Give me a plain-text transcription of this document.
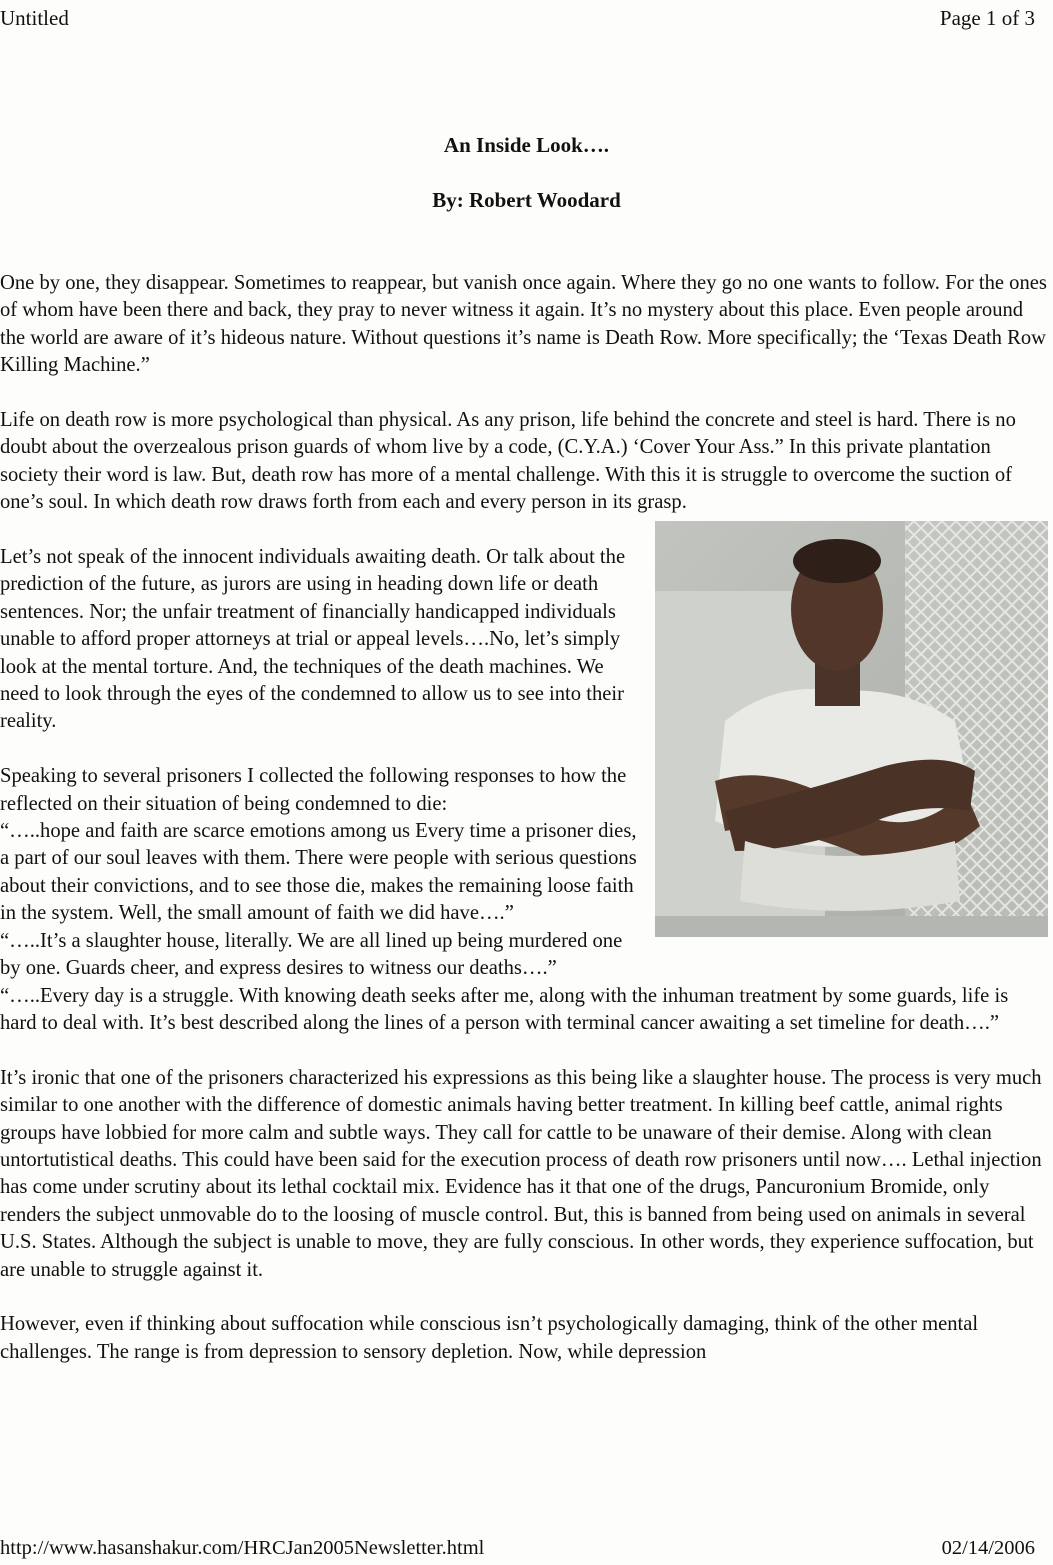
Untitled	Page 1 of 3
An Inside Look….
By: Robert Woodard

One by one, they disappear. Sometimes to reappear, but vanish once again. Where they go no one wants to follow. For the ones of whom have been there and back, they pray to never witness it again. It’s no mystery about this place. Even people around the world are aware of it’s hideous nature. Without questions it’s name is Death Row. More specifically; the ‘Texas Death Row Killing Machine.”

Life on death row is more psychological than physical. As any prison, life behind the concrete and steel is hard. There is no doubt about the overzealous prison guards of whom live by a code, (C.Y.A.) ‘Cover Your Ass.” In this private plantation society their word is law. But, death row has more of a mental challenge. With this it is struggle to overcome the suction of one’s soul. In which death row draws forth from each and every person in its grasp.

Let’s not speak of the innocent individuals awaiting death. Or talk about the prediction of the future, as jurors are using in heading down life or death sentences. Nor; the unfair treatment of financially handicapped individuals unable to afford proper attorneys at trial or appeal levels….No, let’s simply look at the mental torture. And, the techniques of the death machines. We need to look through the eyes of the condemned to allow us to see into their reality.

Speaking to several prisoners I collected the following responses to how the reflected on their situation of being condemned to die:

“…..hope and faith are scarce emotions among us Every time a prisoner dies, a part of our soul leaves with them. There were people with serious questions about their convictions, and to see those die, makes the remaining loose faith in the system. Well, the small amount of faith we did have….”

“…..It’s a slaughter house, literally. We are all lined up being murdered one by one. Guards cheer, and express desires to witness our deaths….”

“…..Every day is a struggle. With knowing death seeks after me, along with the inhuman treatment by some guards, life is hard to deal with. It’s best described along the lines of a person with terminal cancer awaiting a set timeline for death….”

It’s ironic that one of the prisoners characterized his expressions as this being like a slaughter house. The process is very much similar to one another with the difference of domestic animals having better treatment. In killing beef cattle, animal rights groups have lobbied for more calm and subtle ways. They call for cattle to be unaware of their demise. Along with clean untortutistical deaths. This could have been said for the execution process of death row prisoners until now…. Lethal injection has come under scrutiny about its lethal cocktail mix. Evidence has it that one of the drugs, Pancuronium Bromide, only renders the subject unmovable do to the loosing of muscle control. But, this is banned from being used on animals in several U.S. States. Although the subject is unable to move, they are fully conscious. In other words, they experience suffocation, but are unable to struggle against it.

However, even if thinking about suffocation while conscious isn’t psychologically damaging, think of the other mental challenges. The range is from depression to sensory depletion. Now, while depression

http://www.hasanshakur.com/HRCJan2005Newsletter.html	02/14/2006
